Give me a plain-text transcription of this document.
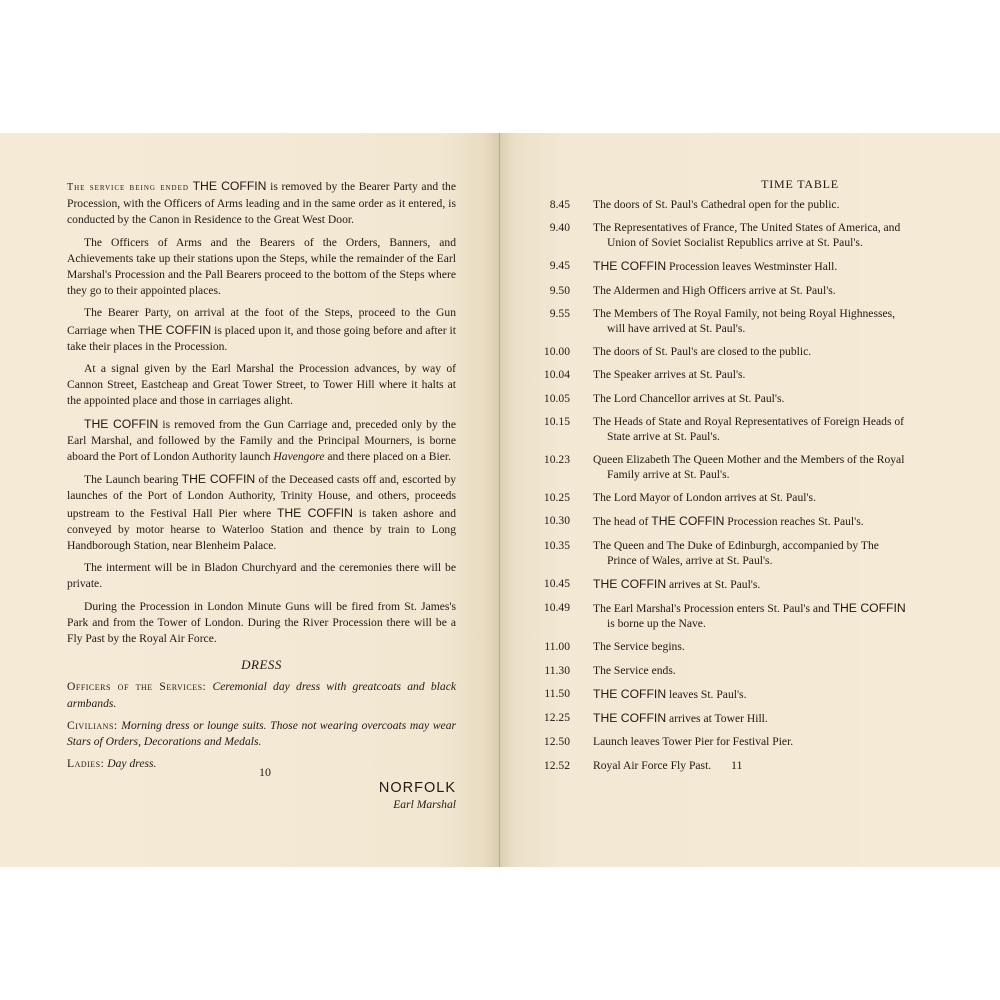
The service being ended THE COFFIN is removed by the Bearer Party and the Procession, with the Officers of Arms leading and in the same order as it entered, is conducted by the Canon in Residence to the Great West Door.

The Officers of Arms and the Bearers of the Orders, Banners, and Achievements take up their stations upon the Steps, while the remainder of the Earl Marshal's Procession and the Pall Bearers proceed to the bottom of the Steps where they go to their appointed places.

The Bearer Party, on arrival at the foot of the Steps, proceed to the Gun Carriage when THE COFFIN is placed upon it, and those going before and after it take their places in the Procession.

At a signal given by the Earl Marshal the Procession advances, by way of Cannon Street, Eastcheap and Great Tower Street, to Tower Hill where it halts at the appointed place and those in carriages alight.

THE COFFIN is removed from the Gun Carriage and, preceded only by the Earl Marshal, and followed by the Family and the Principal Mourners, is borne aboard the Port of London Authority launch Havengore and there placed on a Bier.

The Launch bearing THE COFFIN of the Deceased casts off and, escorted by launches of the Port of London Authority, Trinity House, and others, proceeds upstream to the Festival Hall Pier where THE COFFIN is taken ashore and conveyed by motor hearse to Waterloo Station and thence by train to Long Handborough Station, near Blenheim Palace.

The interment will be in Bladon Churchyard and the ceremonies there will be private.

During the Procession in London Minute Guns will be fired from St. James's Park and from the Tower of London. During the River Procession there will be a Fly Past by the Royal Air Force.

DRESS

Officers of the Services: Ceremonial day dress with greatcoats and black armbands.

Civilians: Morning dress or lounge suits. Those not wearing overcoats may wear Stars of Orders, Decorations and Medals.

Ladies: Day dress.

NORFOLK
Earl Marshal
10
TIME TABLE
8.45	The doors of St. Paul's Cathedral open for the public.
9.40	The Representatives of France, The United States of America, and
Union of Soviet Socialist Republics arrive at St. Paul's.
9.45	THE COFFIN Procession leaves Westminster Hall.
9.50	The Aldermen and High Officers arrive at St. Paul's.
9.55	The Members of The Royal Family, not being Royal Highnesses,
will have arrived at St. Paul's.
10.00	The doors of St. Paul's are closed to the public.
10.04	The Speaker arrives at St. Paul's.
10.05	The Lord Chancellor arrives at St. Paul's.
10.15	The Heads of State and Royal Representatives of Foreign Heads of
State arrive at St. Paul's.
10.23	Queen Elizabeth The Queen Mother and the Members of the Royal
Family arrive at St. Paul's.
10.25	The Lord Mayor of London arrives at St. Paul's.
10.30	The head of THE COFFIN Procession reaches St. Paul's.
10.35	The Queen and The Duke of Edinburgh, accompanied by The
Prince of Wales, arrive at St. Paul's.
10.45	THE COFFIN arrives at St. Paul's.
10.49	The Earl Marshal's Procession enters St. Paul's and THE COFFIN
is borne up the Nave.
11.00	The Service begins.
11.30	The Service ends.
11.50	THE COFFIN leaves St. Paul's.
12.25	THE COFFIN arrives at Tower Hill.
12.50	Launch leaves Tower Pier for Festival Pier.
12.52	Royal Air Force Fly Past.	11
